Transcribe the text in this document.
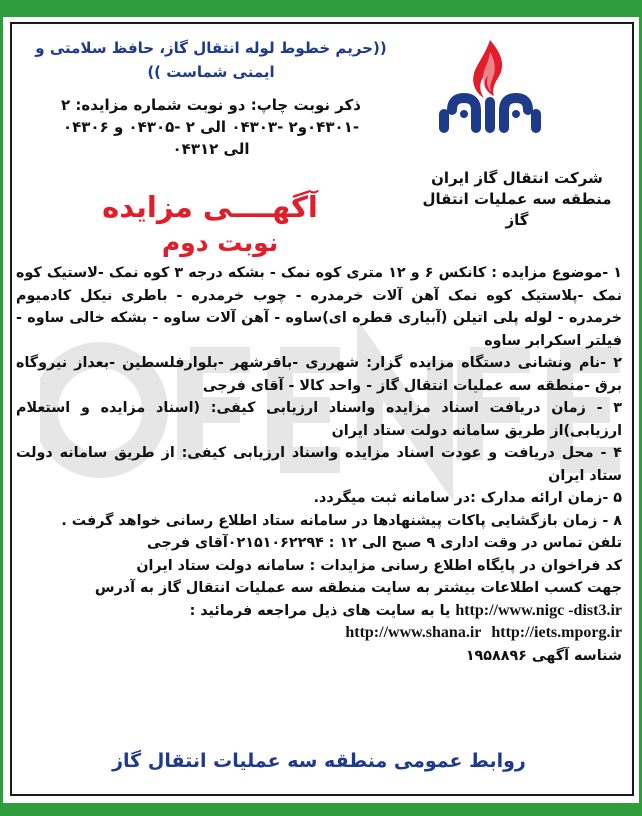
شرکت انتقال گاز ایران
منطقه سه عملیات انتقال گاز
((حریم خطوط لوله انتقال گاز، حافظ سلامتی و ایمنی شماست ))
ذکر نوبت چاپ: دو نوبت شماره مزایده: ۲
-۰۴۳۰۱و۲ -۰۴۳۰۳ الی ۲ -۰۴۳۰۵ و ۰۴۳۰۶
الی ۰۴۳۱۲
آگهــــی مزایده
نوبت دوم

۱ -موضوع مزایده : کانکس ۶ و ۱۲ متری کوه نمک - بشکه درجه ۳ کوه نمک -لاستیک کوه نمک -پلاستیک کوه نمک آهن آلات خرمدره - چوب خرمدره - باطری نیکل کادمیوم خرمدره - لوله پلی اتیلن (آبیاری قطره ای)ساوه - آهن آلات ساوه - بشکه خالی ساوه - فیلتر اسکرابر ساوه

۲ -نام ونشانی دستگاه مزایده گزار: شهرری -باقرشهر -بلوارفلسطین -بعداز نیروگاه برق -منطقه سه عملیات انتقال گاز - واحد کالا - آقای فرجی

۳ - زمان دریافت اسناد مزایده واسناد ارزیابی کیفی: (اسناد مزایده و استعلام ارزیابی)از طریق سامانه دولت ستاد ایران

۴ - محل دریافت و عودت اسناد مزایده واسناد ارزیابی کیفی: از طریق سامانه دولت ستاد ایران

۵ -زمان ارائه مدارک :در سامانه ثبت میگردد.

۸ - زمان بازگشایی پاکات پیشنهادها در سامانه ستاد اطلاع رسانی خواهد گرفت .

تلفن تماس در وقت اداری ۹ صبح الی ۱۲ : ۰۲۱۵۱۰۶۲۲۹۴آقای فرجی

کد فراخوان در پایگاه اطلاع رسانی مزایدات : سامانه دولت ستاد ایران

جهت کسب اطلاعات بیشتر به سایت منطقه سه عملیات انتقال گاز به آدرس

http://www.nigc -dist3.ir یا به سایت های ذیل مراجعه فرمائید :

http://www.shana.ir http://iets.mporg.ir

شناسه آگهی ۱۹۵۸۸۹۶

روابط عمومی منطقه سه عملیات انتقال گاز
